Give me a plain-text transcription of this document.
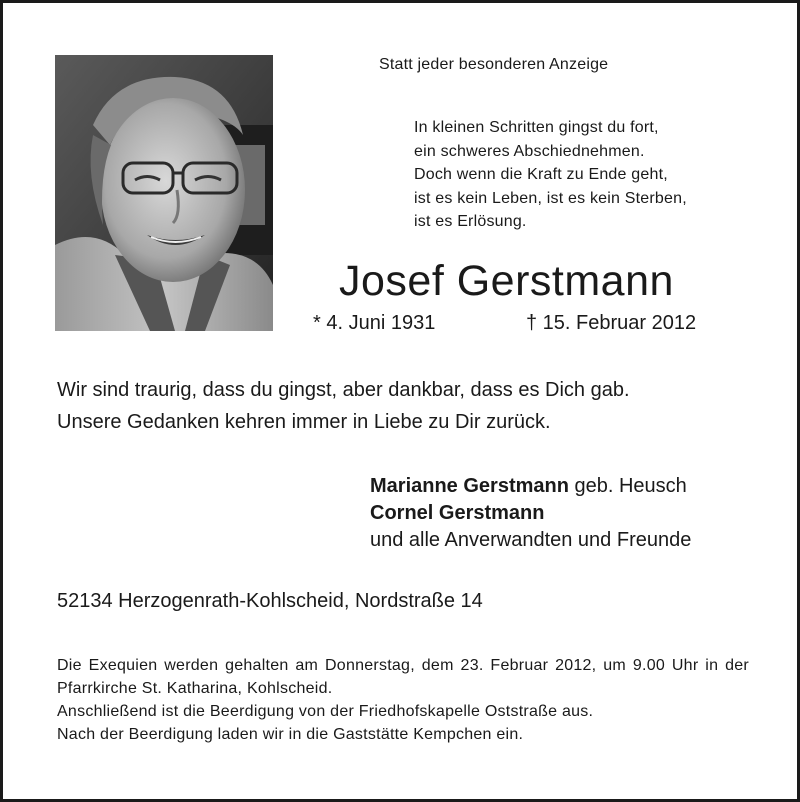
Statt jeder besonderen Anzeige
In kleinen Schritten gingst du fort,
ein schweres Abschiednehmen.
Doch wenn die Kraft zu Ende geht,
ist es kein Leben, ist es kein Sterben,
ist es Erlösung.
Josef Gerstmann
* 4. Juni 1931	† 15. Februar 2012
Wir sind traurig, dass du gingst, aber dankbar, dass es Dich gab.
Unsere Gedanken kehren immer in Liebe zu Dir zurück.
Marianne Gerstmann geb. Heusch
Cornel Gerstmann
und alle Anverwandten und Freunde
52134 Herzogenrath-Kohlscheid, Nordstraße 14

Die Exequien werden gehalten am Donnerstag, dem 23. Februar 2012, um 9.00 Uhr in der Pfarrkirche St. Katharina, Kohlscheid.

Anschließend ist die Beerdigung von der Friedhofskapelle Oststraße aus.

Nach der Beerdigung laden wir in die Gaststätte Kempchen ein.
